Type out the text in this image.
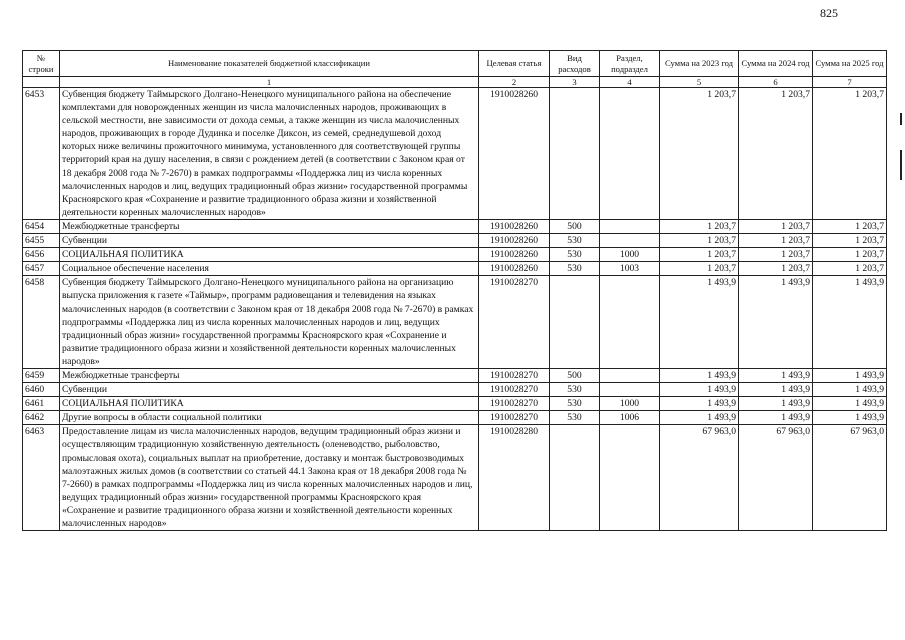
825
№ строки	Наименование показателей бюджетной классификации	Целевая статья	Вид расходов	Раздел, подраздел	Сумма на 2023 год	Сумма на 2024 год	Сумма на 2025 год
	1	2	3	4	5	6	7
6453	Субвенция бюджету Таймырского Долгано-Ненецкого муниципального района на обеспечение комплектами для новорожденных женщин из числа малочисленных народов, проживающих в сельской местности, вне зависимости от дохода семьи, а также женщин из числа малочисленных народов, проживающих в городе Дудинка и поселке Диксон, из семей, среднедушевой доход которых ниже величины прожиточного минимума, установленного для соответствующей группы территорий края на душу населения, в связи с рождением детей (в соответствии с Законом края от 18 декабря 2008 года № 7-2670) в рамках подпрограммы «Поддержка лиц из числа коренных малочисленных народов и лиц, ведущих традиционный образ жизни» государственной программы Красноярского края «Сохранение и развитие традиционного образа жизни и хозяйственной деятельности коренных малочисленных народов»	1910028260			1 203,7	1 203,7	1 203,7
6454	Межбюджетные трансферты	1910028260	500		1 203,7	1 203,7	1 203,7
6455	Субвенции	1910028260	530		1 203,7	1 203,7	1 203,7
6456	СОЦИАЛЬНАЯ ПОЛИТИКА	1910028260	530	1000	1 203,7	1 203,7	1 203,7
6457	Социальное обеспечение населения	1910028260	530	1003	1 203,7	1 203,7	1 203,7
6458	Субвенция бюджету Таймырского Долгано-Ненецкого муниципального района на организацию выпуска приложения к газете «Таймыр», программ радиовещания и телевидения на языках малочисленных народов (в соответствии с Законом края от 18 декабря 2008 года № 7-2670) в рамках подпрограммы «Поддержка лиц из числа коренных малочисленных народов и лиц, ведущих традиционный образ жизни» государственной программы Красноярского края «Сохранение и развитие традиционного образа жизни и хозяйственной деятельности коренных малочисленных народов»	1910028270			1 493,9	1 493,9	1 493,9
6459	Межбюджетные трансферты	1910028270	500		1 493,9	1 493,9	1 493,9
6460	Субвенции	1910028270	530		1 493,9	1 493,9	1 493,9
6461	СОЦИАЛЬНАЯ ПОЛИТИКА	1910028270	530	1000	1 493,9	1 493,9	1 493,9
6462	Другие вопросы в области социальной политики	1910028270	530	1006	1 493,9	1 493,9	1 493,9
6463	Предоставление лицам из числа малочисленных народов, ведущим традиционный образ жизни и осуществляющим традиционную хозяйственную деятельность (оленеводство, рыболовство, промысловая охота), социальных выплат на приобретение, доставку и монтаж быстровозводимых малоэтажных жилых домов (в соответствии со статьей 44.1 Закона края от 18 декабря 2008 года № 7-2660) в рамках подпрограммы «Поддержка лиц из числа коренных малочисленных народов и лиц, ведущих традиционный образ жизни» государственной программы Красноярского края «Сохранение и развитие традиционного образа жизни и хозяйственной деятельности коренных малочисленных народов»	1910028280			67 963,0	67 963,0	67 963,0
